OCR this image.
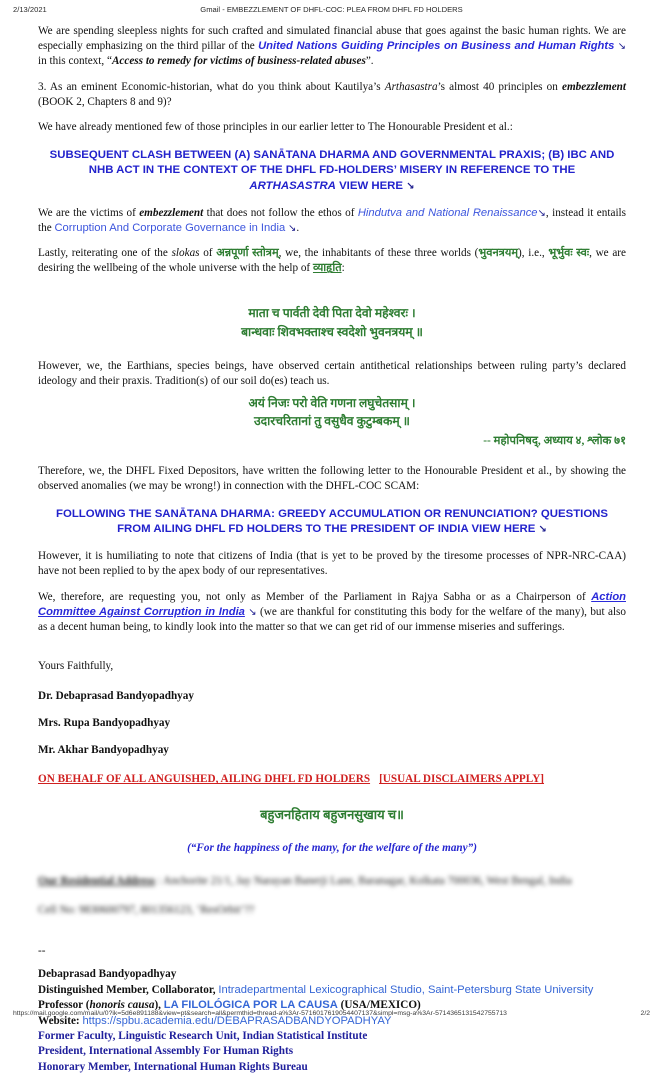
2/13/2021	Gmail - EMBEZZLEMENT OF DHFL-COC: PLEA FROM DHFL FD HOLDERS

We are spending sleepless nights for such crafted and simulated financial abuse that goes against the basic human rights. We are especially emphasizing on the third pillar of the United Nations Guiding Principles on Business and Human Rights ↘ in this context, “Access to remedy for victims of business-related abuses”.

3. As an eminent Economic-historian, what do you think about Kautilya’s Arthasastra’s almost 40 principles on embezzlement (BOOK 2, Chapters 8 and 9)?

We have already mentioned few of those principles in our earlier letter to The Honourable President et al.:

SUBSEQUENT CLASH BETWEEN (A) SANĀTANA DHARMA AND GOVERNMENTAL PRAXIS; (B) IBC AND NHB ACT IN THE CONTEXT OF THE DHFL FD-HOLDERS’ MISERY IN REFERENCE TO THE ARTHASASTRA VIEW HERE ↘

We are the victims of embezzlement that does not follow the ethos of Hindutva and National Renaissance↘, instead it entails the Corruption And Corporate Governance in India ↘.

Lastly, reiterating one of the slokas of अन्नपूर्णा स्तोत्रम्, we, the inhabitants of these three worlds (भुवनत्रयम्), i.e., भूर्भुवः स्वः, we are desiring the wellbeing of the whole universe with the help of व्याहृति:

माता च पार्वती देवी पिता देवो महेश्वरः ।
बान्धवाः शिवभक्ताश्च स्वदेशो भुवनत्रयम् ॥

However, we, the Earthians, species beings, have observed certain antithetical relationships between ruling party’s declared ideology and their praxis. Tradition(s) of our soil do(es) teach us.

अयं निजः परो वेति गणना लघुचेतसाम् ।
उदारचरितानां तु वसुधैव कुटुम्बकम् ॥
-- महोपनिषद्, अध्याय ४, श्लोक ७१

Therefore, we, the DHFL Fixed Depositors, have written the following letter to the Honourable President et al., by showing the observed anomalies (we may be wrong!) in connection with the DHFL-COC SCAM:

FOLLOWING THE SANĀTANA DHARMA: GREEDY ACCUMULATION OR RENUNCIATION? QUESTIONS FROM AILING DHFL FD HOLDERS TO THE PRESIDENT OF INDIA VIEW HERE ↘

However, it is humiliating to note that citizens of India (that is yet to be proved by the tiresome processes of NPR-NRC-CAA) have not been replied to by the apex body of our representatives.

We, therefore, are requesting you, not only as Member of the Parliament in Rajya Sabha or as a Chairperson of Action Committee Against Corruption in India ↘ (we are thankful for constituting this body for the welfare of the many), but also as a decent human being, to kindly look into the matter so that we can get rid of our immense miseries and sufferings.

Yours Faithfully,

Dr. Debaprasad Bandyopadhyay

Mrs. Rupa Bandyopadhyay

Mr. Akhar Bandyopadhyay

ON BEHALF OF ALL ANGUISHED, AILING DHFL FD HOLDERS [USUAL DISCLAIMERS APPLY]
बहुजनहिताय बहुजनसुखाय च॥
(“For the happiness of the many, for the welfare of the many”)
Our Residential Address : Anchorite 21/1, Jay Narayan Banerji Lane, Baranagar, Kolkata 700036, West Bengal, India
Cell No: 9830600797, 801356123, ‘ResOrbit’??
--
Debaprasad Bandyopadhyay
Distinguished Member, Collaborator, Intradepartmental Lexicographical Studio, Saint-Petersburg State University
Professor (honoris causa), LA FILOLÓGICA POR LA CAUSA (USA/MEXICO)
Website: https://spbu.academia.edu/DEBAPRASADBANDYOPADHYAY
Former Faculty, Linguistic Research Unit, Indian Statistical Institute
President, International Assembly For Human Rights
Honorary Member, International Human Rights Bureau
https://mail.google.com/mail/u/0?ik=5d6e891188&view=pt&search=all&permthid=thread-a%3Ar-5716017619054407137&simpl=msg-a%3Ar-5714365131542755713	2/2
